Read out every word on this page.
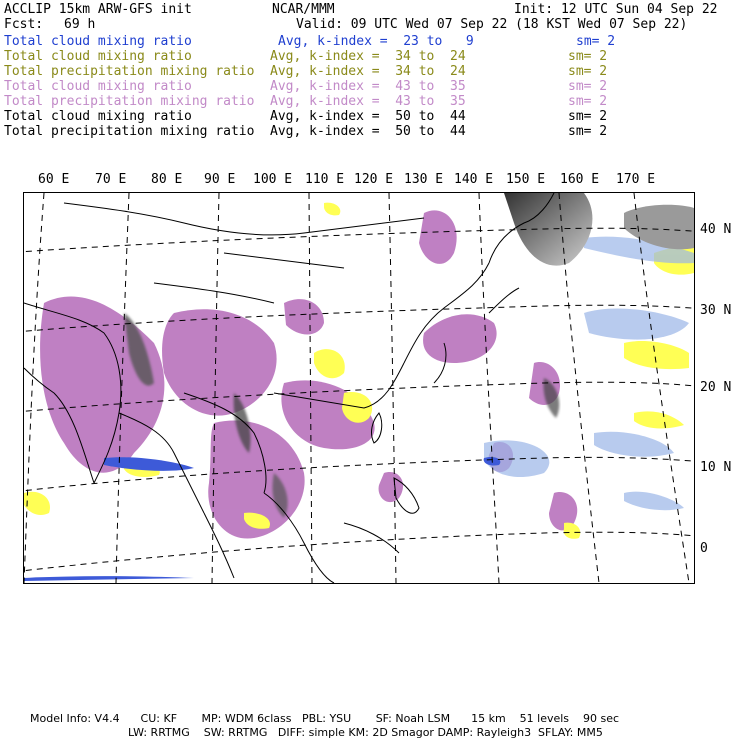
ACCLIP 15km ARW-GFS init	NCAR/MMM	Init: 12 UTC Sun 04 Sep 22
Fcst: 69 h	Valid: 09 UTC Wed 07 Sep 22 (18 KST Wed 07 Sep 22)
Total cloud mixing ratio	Avg, k-index =  23 to   9	sm= 2
Total cloud mixing ratio	Avg, k-index =  34 to  24	sm= 2
Total precipitation mixing ratio Avg, k-index =  34 to  24	sm= 2
Total cloud mixing ratio	Avg, k-index =  43 to  35	sm= 2
Total precipitation mixing ratio Avg, k-index =  43 to  35	sm= 2
Total cloud mixing ratio	Avg, k-index =  50 to  44	sm= 2
Total precipitation mixing ratio Avg, k-index =  50 to  44	sm= 2
60 E 70 E 80 E 90 E 100 E 110 E 120 E 130 E 140 E 150 E 160 E 170 E
40 N
30 N
20 N
10 N
0
Model Info: V4.4      CU: KF       MP: WDM 6class   PBL: YSU       SF: Noah LSM      15 km    51 levels    90 sec
LW: RRTMG    SW: RRTMG   DIFF: simple KM: 2D Smagor DAMP: Rayleigh3  SFLAY: MM5
